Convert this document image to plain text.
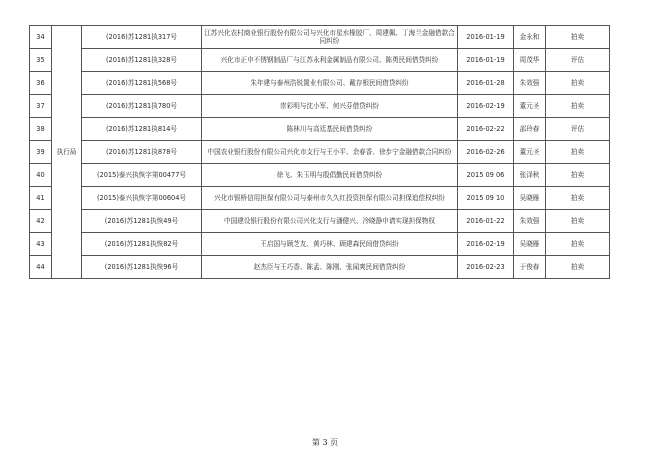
34	执行局	(2016)苏1281执317号	江苏兴化农村商业银行股份有限公司与兴化市星水橡胶厂、周建佩、丁海兰金融借款合同纠纷	2016-01-19	金永和	拍卖
35		(2016)苏1281执328号	兴化市正申不锈钢制品厂与江苏永利金属制品有限公司、陈勇民间借贷纠纷	2016-01-19	周茂华	评估
36		(2016)苏1281执568号	朱年建与泰州浩锐置业有限公司、戴存根民间借贷纠纷	2016-01-28	朱效强	拍卖
37		(2016)苏1281执780号	崇彩明与沈小军、何兴芬借贷纠纷	2016-02-19	董元圣	拍卖
38		(2016)苏1281执814号	陈林川与高廷基民间借贷纠纷	2016-02-22	邵玲春	评估
39		(2016)苏1281执878号	中国农业银行股份有限公司兴化市支行与王小平、余春香、徐步宁金融借款合同纠纷	2016-02-26	董元圣	拍卖
40		(2015)泰兴执恢字第00477号	徐飞、朱玉明与殷倡勤民间借贷纠纷	2015 09 06	张泽秋	拍卖
41		(2015)泰兴执恢字第00604号	兴化市银桥信用担保有限公司与泰州市久久红投资担保有限公司担保追偿权纠纷	2015 09 10	吴晓雁	拍卖
42		(2016)苏1281执恢49号	中国建设银行股份有限公司兴化支行与潘健兴、冷晓静申请实现担保物权	2016-01-22	朱效强	拍卖
43		(2016)苏1281执恢82号	王启国与顾芝友、黄巧林、顾建森民间借贷纠纷	2016-02-19	吴晓雁	拍卖
44		(2016)苏1281执恢96号	赵杰臣与王巧香、陈孟、陈刚、张闻爽民间借贷纠纷	2016-02-23	于俊春	拍卖
第 3 页
